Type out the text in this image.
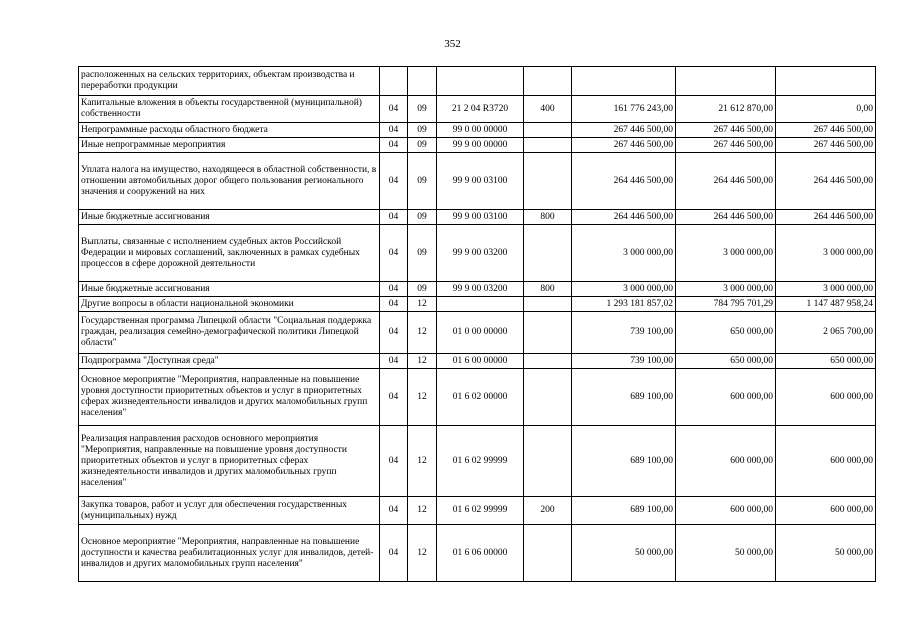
352
расположенных на сельских территориях, объектам производства и переработки продукции							
Капитальные вложения в объекты государственной (муниципальной) собственности	04	09	21 2 04 R3720	400	161 776 243,00	21 612 870,00	0,00
Непрограммные расходы областного бюджета	04	09	99 0 00 00000		267 446 500,00	267 446 500,00	267 446 500,00
Иные непрограммные мероприятия	04	09	99 9 00 00000		267 446 500,00	267 446 500,00	267 446 500,00
Уплата налога на имущество, находящееся в областной собственности, в отношении автомобильных дорог общего пользования регионального значения и сооружений на них	04	09	99 9 00 03100		264 446 500,00	264 446 500,00	264 446 500,00
Иные бюджетные ассигнования	04	09	99 9 00 03100	800	264 446 500,00	264 446 500,00	264 446 500,00
Выплаты, связанные с исполнением судебных актов Российской Федерации и мировых соглашений, заключенных в рамках судебных процессов в сфере дорожной деятельности	04	09	99 9 00 03200		3 000 000,00	3 000 000,00	3 000 000,00
Иные бюджетные ассигнования	04	09	99 9 00 03200	800	3 000 000,00	3 000 000,00	3 000 000,00
Другие вопросы в области национальной экономики	04	12			1 293 181 857,02	784 795 701,29	1 147 487 958,24
Государственная программа Липецкой области "Социальная поддержка граждан, реализация семейно-демографической политики Липецкой области"	04	12	01 0 00 00000		739 100,00	650 000,00	2 065 700,00
Подпрограмма "Доступная среда"	04	12	01 6 00 00000		739 100,00	650 000,00	650 000,00
Основное мероприятие "Мероприятия, направленные на повышение уровня доступности приоритетных объектов и услуг в приоритетных сферах жизнедеятельности инвалидов и других маломобильных групп населения"	04	12	01 6 02 00000		689 100,00	600 000,00	600 000,00
Реализация направления расходов основного мероприятия "Мероприятия, направленные на повышение уровня доступности приоритетных объектов и услуг в приоритетных сферах жизнедеятельности инвалидов и других маломобильных групп населения"	04	12	01 6 02 99999		689 100,00	600 000,00	600 000,00
Закупка товаров, работ и услуг для обеспечения государственных (муниципальных) нужд	04	12	01 6 02 99999	200	689 100,00	600 000,00	600 000,00
Основное мероприятие "Мероприятия, направленные на повышение доступности и качества реабилитационных услуг для инвалидов, детей-инвалидов и других маломобильных групп населения"	04	12	01 6 06 00000		50 000,00	50 000,00	50 000,00
